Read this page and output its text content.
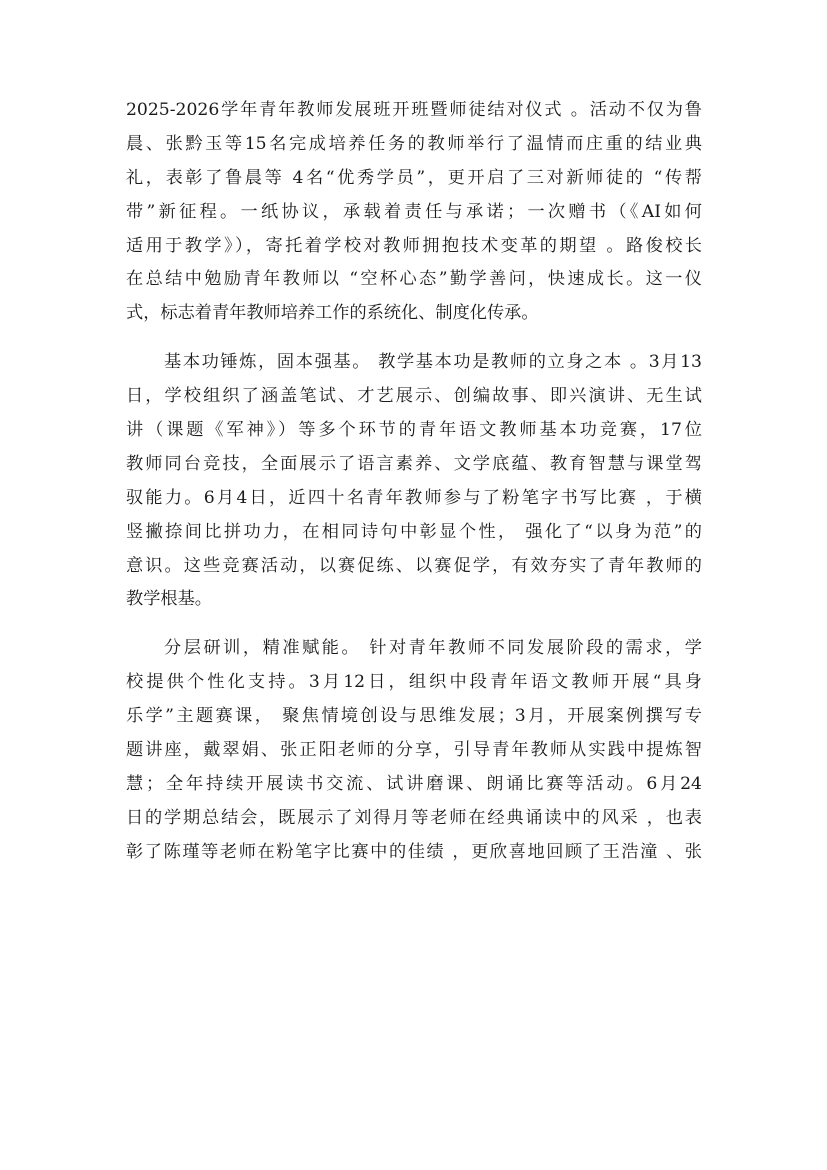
2025-2026学年青年教师发展班开班暨师徒结对仪式 。活动不仅为鲁
晨、张黔玉等15名完成培养任务的教师举行了温情而庄重的结业典
礼，表彰了鲁晨等 4名“优秀学员”，更开启了三对新师徒的 “传帮
带”新征程。一纸协议，承载着责任与承诺；一次赠书（《AI如何
适用于教学》），寄托着学校对教师拥抱技术变革的期望 。路俊校长
在总结中勉励青年教师以 “空杯心态”勤学善问，快速成长。这一仪
式，标志着青年教师培养工作的系统化、制度化传承。
基本功锤炼，固本强基。 教学基本功是教师的立身之本 。3月13
日，学校组织了涵盖笔试、才艺展示、创编故事、即兴演讲、无生试
讲（课题《军神》）等多个环节的青年语文教师基本功竞赛，17位
教师同台竞技，全面展示了语言素养、文学底蕴、教育智慧与课堂驾
驭能力。6月4日，近四十名青年教师参与了粉笔字书写比赛 ，于横
竖撇捺间比拼功力，在相同诗句中彰显个性， 强化了“以身为范”的
意识。这些竞赛活动，以赛促练、以赛促学，有效夯实了青年教师的
教学根基。
分层研训，精准赋能。 针对青年教师不同发展阶段的需求，学
校提供个性化支持。3月12日，组织中段青年语文教师开展“具身
乐学”主题赛课， 聚焦情境创设与思维发展；3月，开展案例撰写专
题讲座，戴翠娟、张正阳老师的分享，引导青年教师从实践中提炼智
慧；全年持续开展读书交流、试讲磨课、朗诵比赛等活动。6月24
日的学期总结会，既展示了刘得月等老师在经典诵读中的风采 ，也表
彰了陈瑾等老师在粉笔字比赛中的佳绩 ，更欣喜地回顾了王浩潼 、张
